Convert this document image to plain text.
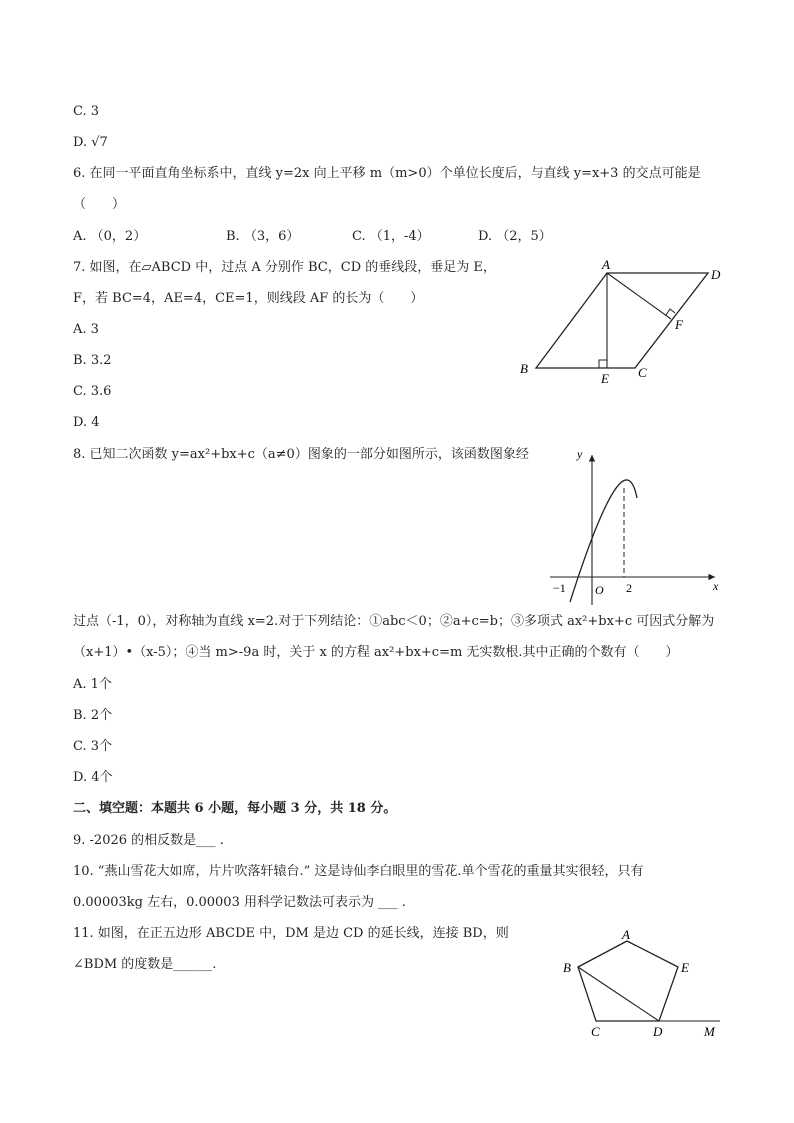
C. 3
D. √7
6. 在同一平面直角坐标系中，直线 y=2x 向上平移 m（m>0）个单位长度后，与直线 y=x+3 的交点可能是
（　　）
A. （0，2）	B. （3，6）	C. （1，-4）	D. （2，5）
7. 如图，在▱ABCD 中，过点 A 分别作 BC，CD 的垂线段，垂足为 E，
F，若 BC=4，AE=4，CE=1，则线段 AF 的长为（　　）
A. 3
B. 3.2
C. 3.6
D. 4
A
D
B
E C
F
8. 已知二次函数 y=ax²+bx+c（a≠0）图象的一部分如图所示，该函数图象经	y
x
O
−1	2
过点（-1，0），对称轴为直线 x=2.对于下列结论：①abc＜0；②a+c=b；③多项式 ax²+bx+c 可因式分解为
（x+1）•（x-5）；④当 m>-9a 时，关于 x 的方程 ax²+bx+c=m 无实数根.其中正确的个数有（　　）
A. 1个
B. 2个
C. 3个
D. 4个
二、填空题：本题共 6 小题，每小题 3 分，共 18 分。
9. -2026 的相反数是___ .
10. “燕山雪花大如席，片片吹落轩辕台.” 这是诗仙李白眼里的雪花.单个雪花的重量其实很轻，只有
0.00003kg 左右，0.00003 用科学记数法可表示为 ___ .
11. 如图，在正五边形 ABCDE 中，DM 是边 CD 的延长线，连接 BD，则
∠BDM 的度数是______.
A
B	E
C	D	M
